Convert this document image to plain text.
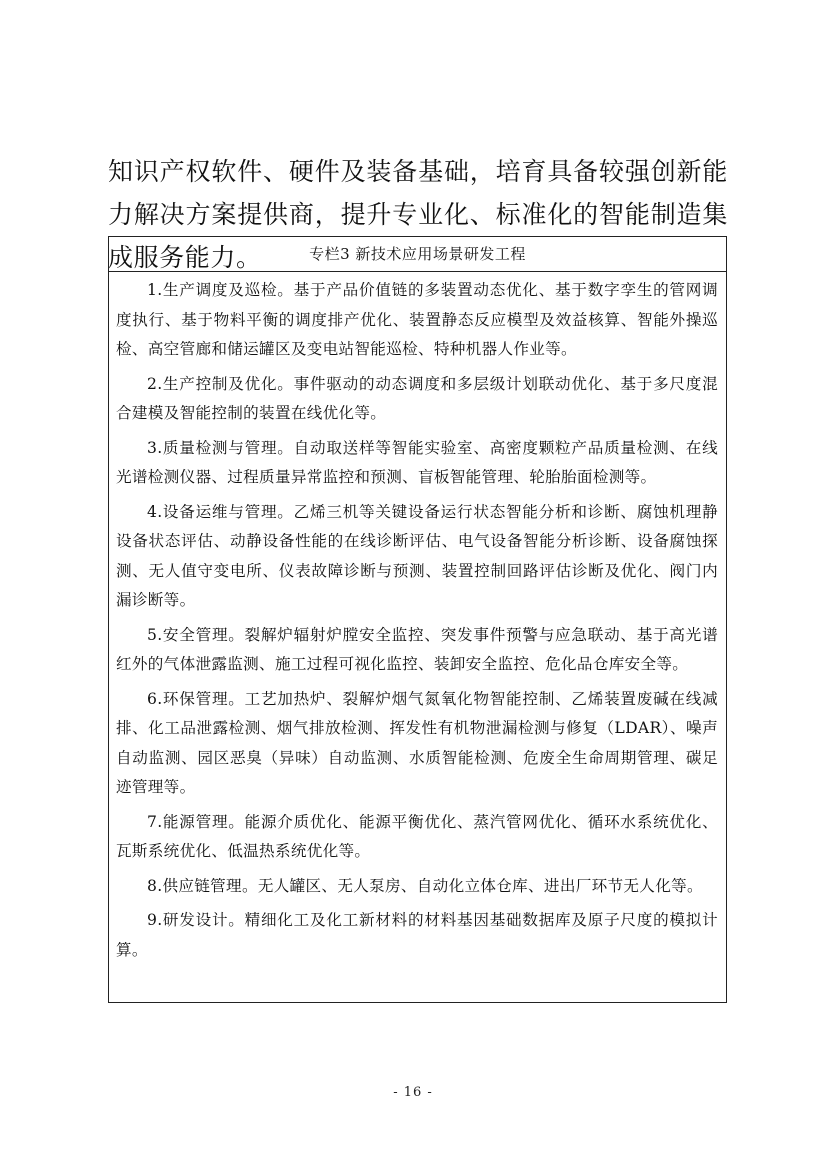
知识产权软件、硬件及装备基础，培育具备较强创新能力解决方案提供商，提升专业化、标准化的智能制造集成服务能力。	专栏3 新技术应用场景研发工程

1.生产调度及巡检。基于产品价值链的多装置动态优化、基于数字孪生的管网调度执行、基于物料平衡的调度排产优化、装置静态反应模型及效益核算、智能外操巡检、高空管廊和储运罐区及变电站智能巡检、特种机器人作业等。

2.生产控制及优化。事件驱动的动态调度和多层级计划联动优化、基于多尺度混合建模及智能控制的装置在线优化等。

3.质量检测与管理。自动取送样等智能实验室、高密度颗粒产品质量检测、在线光谱检测仪器、过程质量异常监控和预测、盲板智能管理、轮胎胎面检测等。

4.设备运维与管理。乙烯三机等关键设备运行状态智能分析和诊断、腐蚀机理静设备状态评估、动静设备性能的在线诊断评估、电气设备智能分析诊断、设备腐蚀探测、无人值守变电所、仪表故障诊断与预测、装置控制回路评估诊断及优化、阀门内漏诊断等。

5.安全管理。裂解炉辐射炉膛安全监控、突发事件预警与应急联动、基于高光谱红外的气体泄露监测、施工过程可视化监控、装卸安全监控、危化品仓库安全等。

6.环保管理。工艺加热炉、裂解炉烟气氮氧化物智能控制、乙烯装置废碱在线减排、化工品泄露检测、烟气排放检测、挥发性有机物泄漏检测与修复（LDAR）、噪声自动监测、园区恶臭（异味）自动监测、水质智能检测、危废全生命周期管理、碳足迹管理等。

7.能源管理。能源介质优化、能源平衡优化、蒸汽管网优化、循环水系统优化、瓦斯系统优化、低温热系统优化等。

8.供应链管理。无人罐区、无人泵房、自动化立体仓库、进出厂环节无人化等。

9.研发设计。精细化工及化工新材料的材料基因基础数据库及原子尺度的模拟计算。

- 16 -
